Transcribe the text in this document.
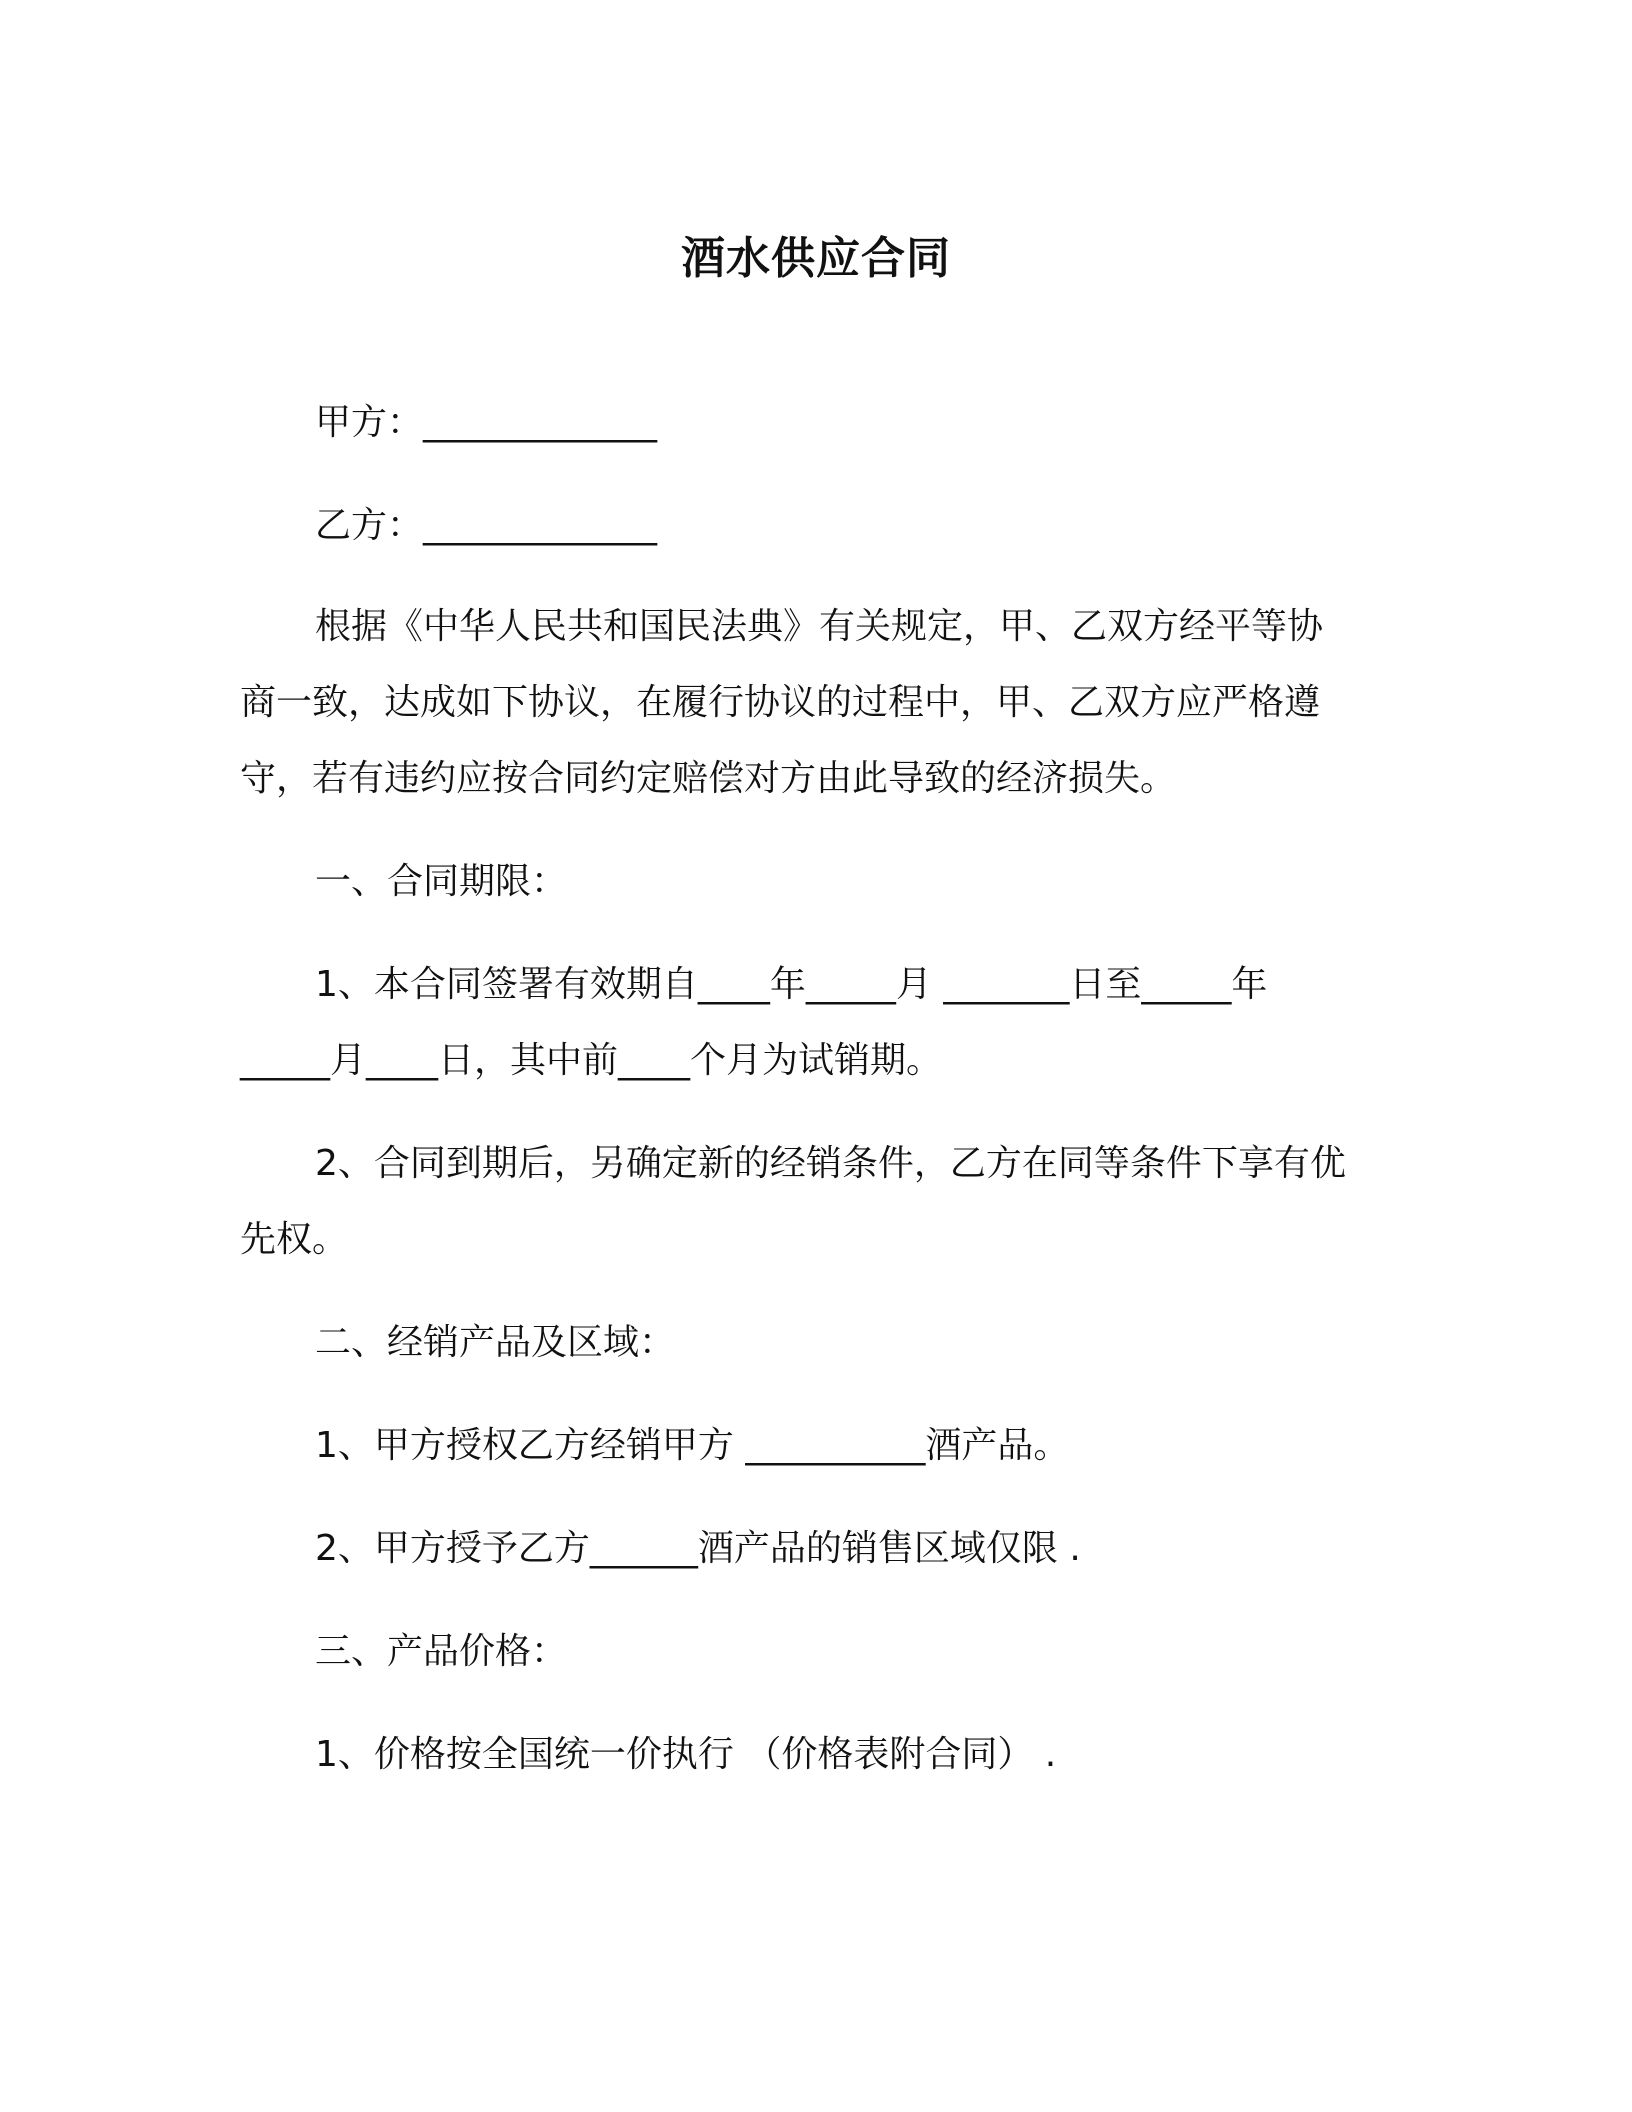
酒水供应合同

甲方：_____________

乙方：_____________

根据《中华人民共和国民法典》有关规定，甲、乙双方经平等协

商一致，达成如下协议，在履行协议的过程中，甲、乙双方应严格遵

守，若有违约应按合同约定赔偿对方由此导致的经济损失。

一、合同期限：

1、本合同签署有效期自____年_____月 _______日至_____年

_____月____日，其中前____个月为试销期。

2、合同到期后，另确定新的经销条件，乙方在同等条件下享有优

先权。

二、经销产品及区域：

1、甲方授权乙方经销甲方 __________酒产品。

2、甲方授予乙方______酒产品的销售区域仅限 .

三、产品价格：

1、价格按全国统一价执行 （价格表附合同） .
